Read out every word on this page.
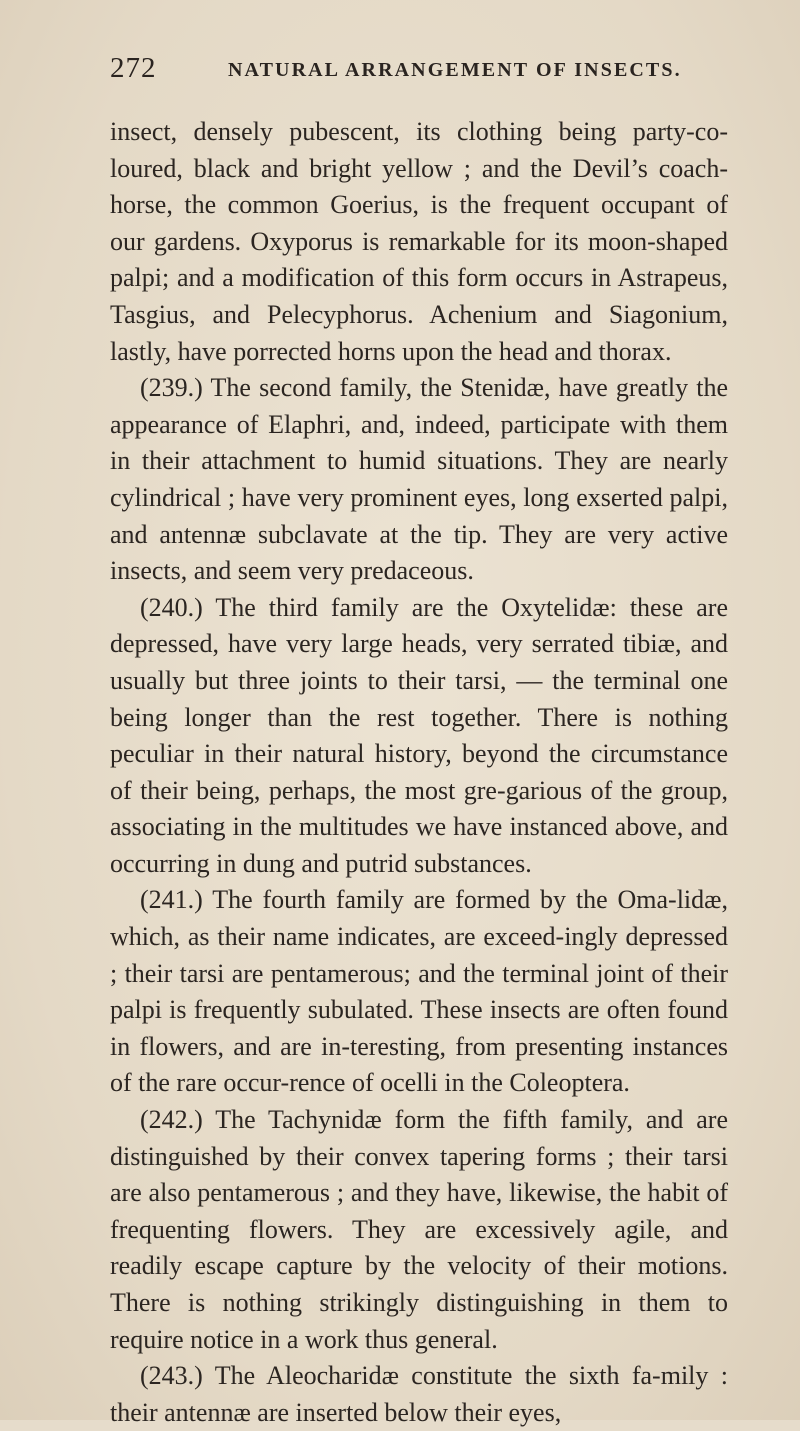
272	NATURAL ARRANGEMENT OF INSECTS.

insect, densely pubescent, its clothing being party-co-loured, black and bright yellow ; and the Devil’s coach-horse, the common Goerius, is the frequent occupant of our gardens. Oxyporus is remarkable for its moon-shaped palpi; and a modification of this form occurs in Astrapeus, Tasgius, and Pelecyphorus. Achenium and Siagonium, lastly, have porrected horns upon the head and thorax.

(239.) The second family, the Stenidæ, have greatly the appearance of Elaphri, and, indeed, participate with them in their attachment to humid situations. They are nearly cylindrical ; have very prominent eyes, long exserted palpi, and antennæ subclavate at the tip. They are very active insects, and seem very predaceous.

(240.) The third family are the Oxytelidæ: these are depressed, have very large heads, very serrated tibiæ, and usually but three joints to their tarsi, — the terminal one being longer than the rest together. There is nothing peculiar in their natural history, beyond the circumstance of their being, perhaps, the most gre-garious of the group, associating in the multitudes we have instanced above, and occurring in dung and putrid substances.

(241.) The fourth family are formed by the Oma-lidæ, which, as their name indicates, are exceed-ingly depressed ; their tarsi are pentamerous; and the terminal joint of their palpi is frequently subulated. These insects are often found in flowers, and are in-teresting, from presenting instances of the rare occur-rence of ocelli in the Coleoptera.

(242.) The Tachynidæ form the fifth family, and are distinguished by their convex tapering forms ; their tarsi are also pentamerous ; and they have, likewise, the habit of frequenting flowers. They are excessively agile, and readily escape capture by the velocity of their motions. There is nothing strikingly distinguishing in them to require notice in a work thus general.

(243.) The Aleocharidæ constitute the sixth fa-mily : their antennæ are inserted below their eyes,
